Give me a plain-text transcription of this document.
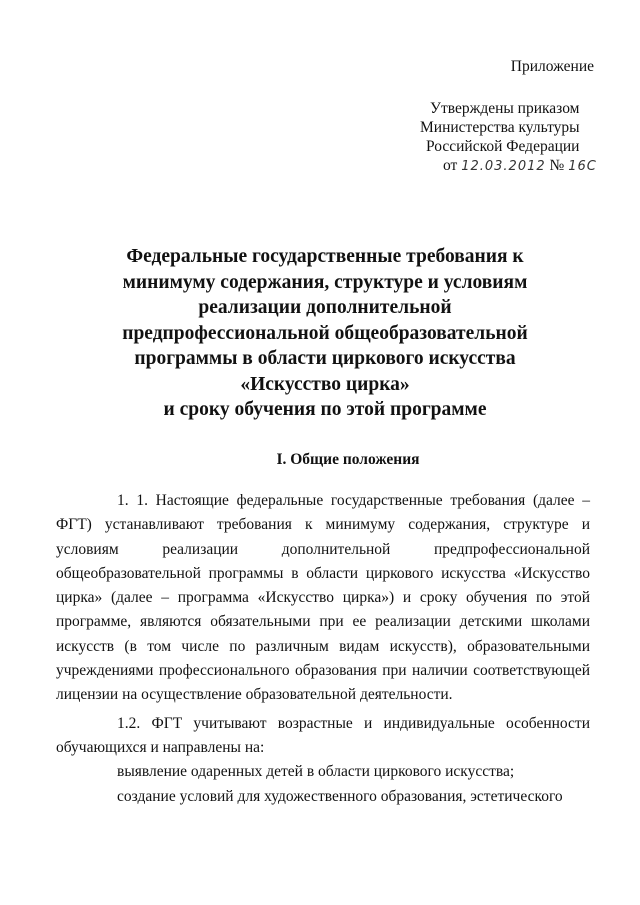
Приложение
Утверждены приказом
Министерства культуры
Российской Федерации
от 12.03.2012 № 16С
Федеральные государственные требования к
минимуму содержания, структуре и условиям
реализации дополнительной
предпрофессиональной общеобразовательной
программы в области циркового искусства
«Искусство цирка»
и сроку обучения по этой программе
I. Общие положения

1. 1. Настоящие федеральные государственные требования (далее – ФГТ) устанавливают требования к минимуму содержания, структуре и условиям реализации дополнительной предпрофессиональной общеобразовательной программы в области циркового искусства «Искусство цирка» (далее – программа «Искусство цирка») и сроку обучения по этой программе, являются обязательными при ее реализации детскими школами искусств (в том числе по различным видам искусств), образовательными учреждениями профессионального образования при наличии соответствующей лицензии на осуществление образовательной деятельности.

1.2. ФГТ учитывают возрастные и индивидуальные особенности обучающихся и направлены на:

выявление одаренных детей в области циркового искусства;

создание условий для художественного образования, эстетического
